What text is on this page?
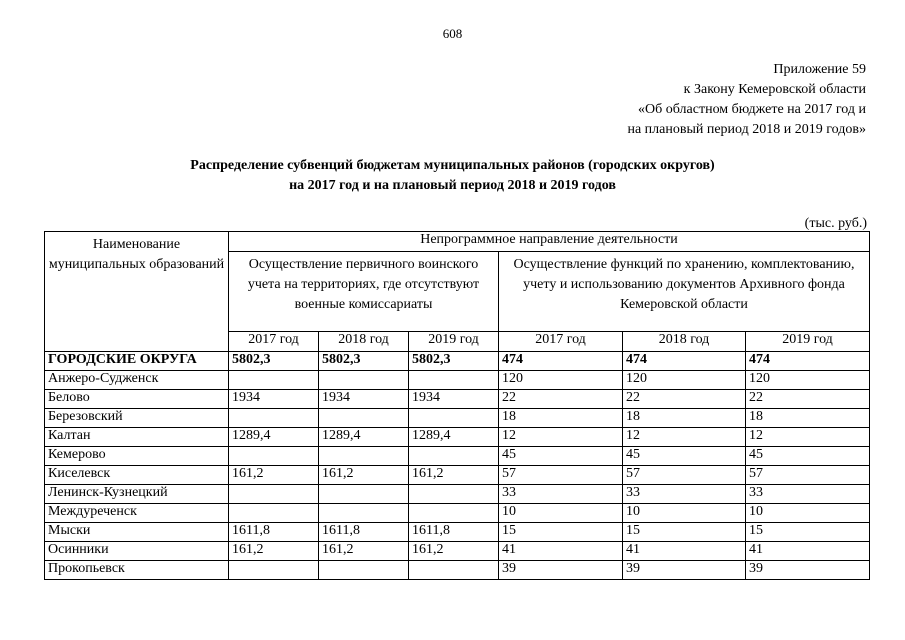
608
Приложение 59
к Закону Кемеровской области
«Об областном бюджете на 2017 год и
на плановый период 2018 и 2019 годов»
Распределение субвенций бюджетам муниципальных районов (городских округов)
на 2017 год и на плановый период 2018 и 2019 годов
(тыс. руб.)
Наименование муниципальных образований	Непрограммное направление деятельности					
	Осуществление первичного воинского учета на территориях, где отсутствуют военные комиссариаты			Осуществление функций по хранению, комплектованию, учету и использованию документов Архивного фонда Кемеровской области		
	2017 год	2018 год	2019 год	2017 год	2018 год	2019 год
ГОРОДСКИЕ ОКРУГА	5802,3	5802,3	5802,3	474	474	474
Анжеро-Судженск				120	120	120
Белово	1934	1934	1934	22	22	22
Березовский				18	18	18
Калтан	1289,4	1289,4	1289,4	12	12	12
Кемерово				45	45	45
Киселевск	161,2	161,2	161,2	57	57	57
Ленинск-Кузнецкий				33	33	33
Междуреченск				10	10	10
Мыски	1611,8	1611,8	1611,8	15	15	15
Осинники	161,2	161,2	161,2	41	41	41
Прокопьевск				39	39	39
